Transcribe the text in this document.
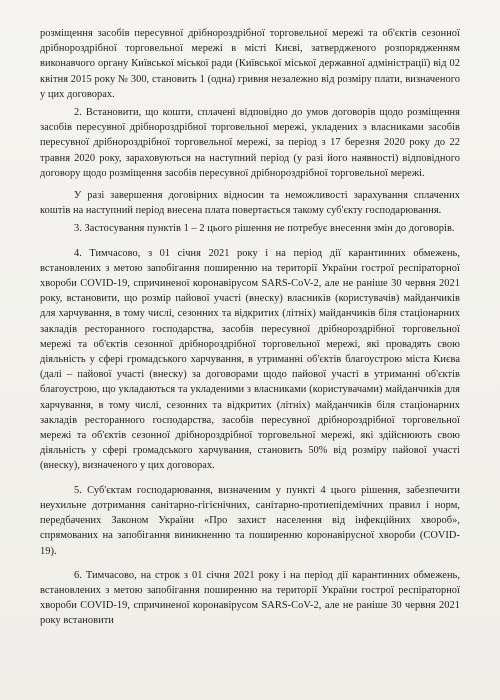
розміщення засобів пересувної дрібнороздрібної торговельної мережі та об'єктів сезонної дрібнороздрібної торговельної мережі в місті Києві, затвердженого розпорядженням виконавчого органу Київської міської ради (Київської міської державної адміністрації) від 02 квітня 2015 року № 300, становить 1 (одна) гривня незалежно від розміру плати, визначеного у цих договорах.

2. Встановити, що кошти, сплачені відповідно до умов договорів щодо розміщення засобів пересувної дрібнороздрібної торговельної мережі, укладених з власниками засобів пересувної дрібнороздрібної торговельної мережі, за період з 17 березня 2020 року до 22 травня 2020 року, зараховуються на наступний період (у разі його наявності) відповідного договору щодо розміщення засобів пересувної дрібнороздрібної торговельної мережі.

У разі завершення договірних відносин та неможливості зарахування сплачених коштів на наступний період внесена плата повертається такому суб'єкту господарювання.

3. Застосування пунктів 1 – 2 цього рішення не потребує внесення змін до договорів.

4. Тимчасово, з 01 січня 2021 року і на період дії карантинних обмежень, встановлених з метою запобігання поширенню на території України гострої респіраторної хвороби COVID-19, спричиненої коронавірусом SARS-CoV-2, але не раніше 30 червня 2021 року, встановити, що розмір пайової участі (внеску) власників (користувачів) майданчиків для харчування, в тому числі, сезонних та відкритих (літніх) майданчиків біля стаціонарних закладів ресторанного господарства, засобів пересувної дрібнороздрібної торговельної мережі та об'єктів сезонної дрібнороздрібної торговельної мережі, які провадять свою діяльність у сфері громадського харчування, в утриманні об'єктів благоустрою міста Києва (далі – пайової участі (внеску) за договорами щодо пайової участі в утриманні об'єктів благоустрою, що укладаються та укладеними з власниками (користувачами) майданчиків для харчування, в тому числі, сезонних та відкритих (літніх) майданчиків біля стаціонарних закладів ресторанного господарства, засобів пересувної дрібнороздрібної торговельної мережі та об'єктів сезонної дрібнороздрібної торговельної мережі, які здійснюють свою діяльність у сфері громадського харчування, становить 50% від розміру пайової участі (внеску), визначеного у цих договорах.

5. Суб'єктам господарювання, визначеним у пункті 4 цього рішення, забезпечити неухильне дотримання санітарно-гігієнічних, санітарно-протиепідемічних правил і норм, передбачених Законом України «Про захист населення від інфекційних хвороб», спрямованих на запобігання виникненню та поширенню коронавірусної хвороби (COVID-19).

6. Тимчасово, на строк з 01 січня 2021 року і на період дії карантинних обмежень, встановлених з метою запобігання поширенню на території України гострої респіраторної хвороби COVID-19, спричиненої коронавірусом SARS-CoV-2, але не раніше 30 червня 2021 року встановити
